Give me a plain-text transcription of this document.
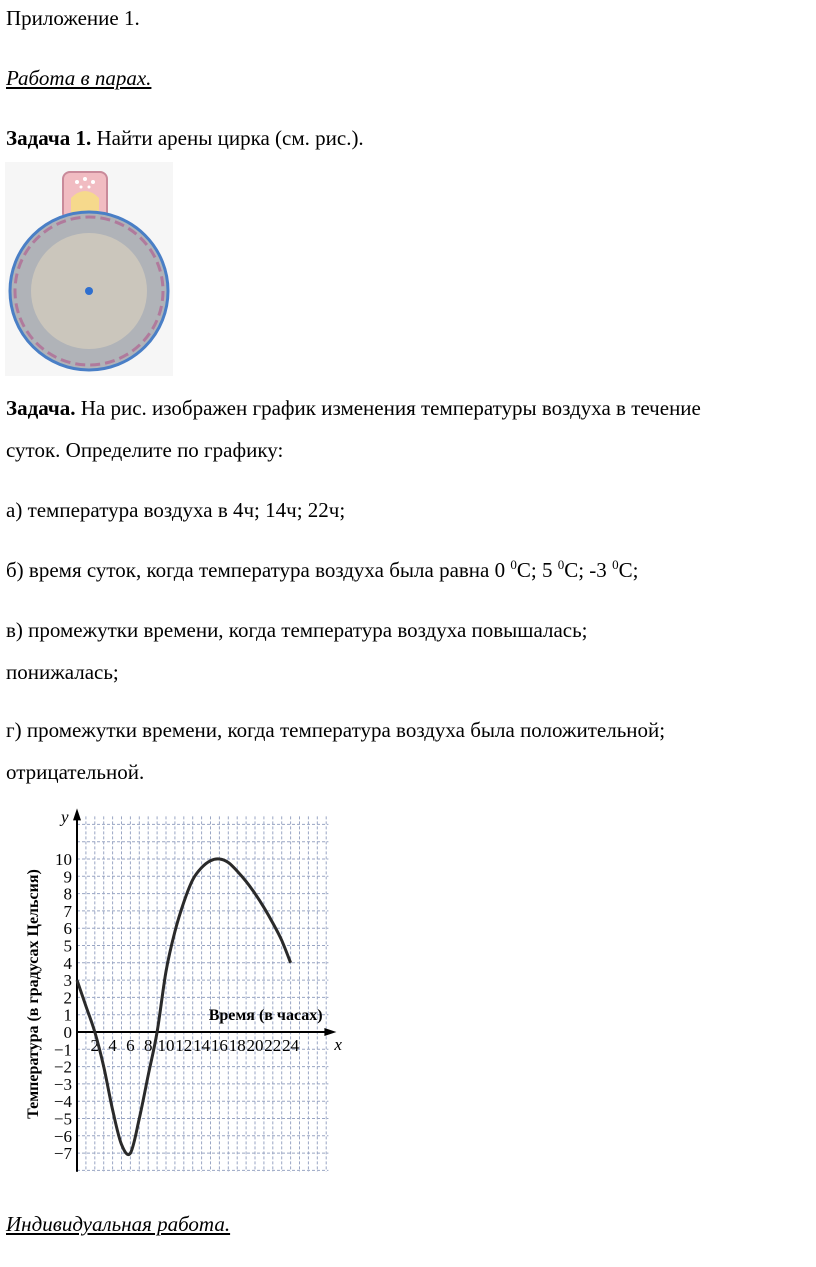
Приложение 1.
Работа в парах.
Задача 1. Найти арены цирка (см. рис.).
Задача. На рис. изображен график изменения температуры воздуха в течение
суток. Определите по графику:
а) температура воздуха в 4ч; 14ч; 22ч;
б) время суток, когда температура воздуха была равна 0 $^0$С; 5 $^0$С; -3 $^0$С;
в) промежутки времени, когда температура воздуха повышалась;
понижалась;
г) промежутки времени, когда температура воздуха была положительной;
отрицательной.
2 4 6 8 10 12 14 16 18 20 22 24
10
9
8
7
6
5
4
3
2
1
0
−1
−2
−3
−4
−5
−6
−7
y
x
Время (в часах)
Температура (в градусах Цельсия)
Индивидуальная работа.
